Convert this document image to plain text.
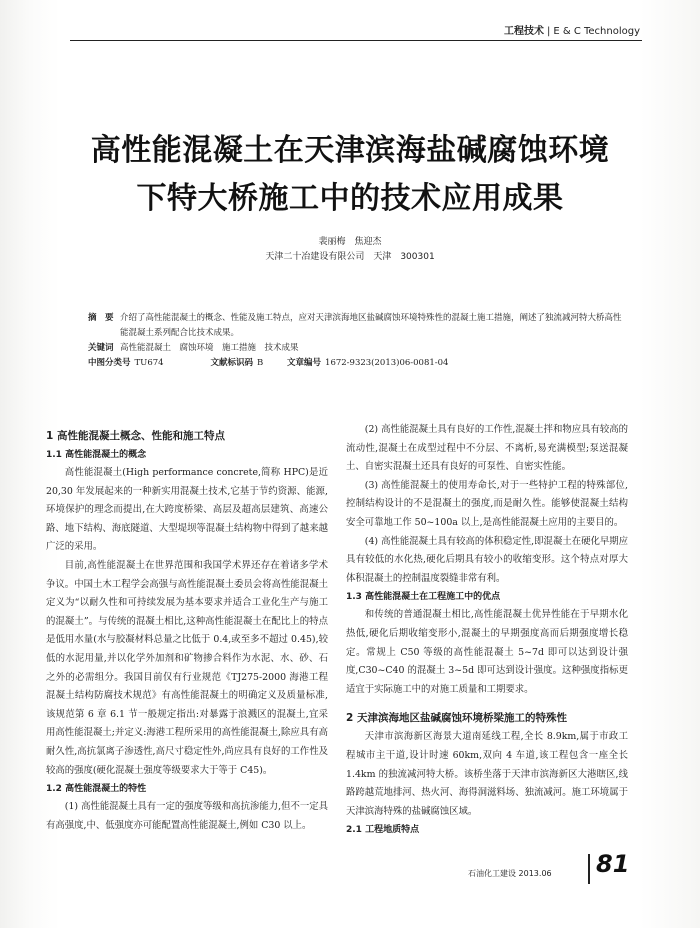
工程技术 | E & C Technology
高性能混凝土在天津滨海盐碱腐蚀环境
下特大桥施工中的技术应用成果
裴丽梅　焦迎杰
天津二十冶建设有限公司　天津　300301
摘　要 介绍了高性能混凝土的概念、性能及施工特点，应对天津滨海地区盐碱腐蚀环境特殊性的混凝土施工措施，阐述了独流减河特大桥高性能混凝土系列配合比技术成果。
关键词 高性能混凝土　腐蚀环境　施工措施　技术成果
中图分类号 TU674	文献标识码 B	文章编号 1672-9323(2013)06-0081-04
1 高性能混凝土概念、性能和施工特点
1.1 高性能混凝土的概念

高性能混凝土(High performance concrete,简称 HPC)是近 20,30 年发展起来的一种新实用混凝土技术,它基于节约资源、能源,环境保护的理念而提出,在大跨度桥梁、高层及超高层建筑、高速公路、地下结构、海底隧道、大型堤坝等混凝土结构物中得到了越来越广泛的采用。

目前,高性能混凝土在世界范围和我国学术界还存在着诸多学术争议。中国土木工程学会高强与高性能混凝土委员会将高性能混凝土定义为“以耐久性和可持续发展为基本要求并适合工业化生产与施工的混凝土”。与传统的混凝土相比,这种高性能混凝土在配比上的特点是低用水量(水与胶凝材料总量之比低于 0.4,或至多不超过 0.45),较低的水泥用量,并以化学外加剂和矿物掺合料作为水泥、水、砂、石之外的必需组分。我国目前仅有行业规范《TJ275-2000 海港工程混凝土结构防腐技术规范》有高性能混凝土的明确定义及质量标准,该规范第 6 章 6.1 节一般规定指出:对暴露于浪溅区的混凝土,宜采用高性能混凝土;并定义:海港工程所采用的高性能混凝土,除应具有高耐久性,高抗氯离子渗透性,高尺寸稳定性外,尚应具有良好的工作性及较高的强度(硬化混凝土强度等级要求大于等于 C45)。

1.2 高性能混凝土的特性

(1) 高性能混凝土具有一定的强度等级和高抗渗能力,但不一定具有高强度,中、低强度亦可能配置高性能混凝土,例如 C30 以上。

(2) 高性能混凝土具有良好的工作性,混凝土拌和物应具有较高的流动性,混凝土在成型过程中不分层、不离析,易充满模型;泵送混凝土、自密实混凝土还具有良好的可泵性、自密实性能。

(3) 高性能混凝土的使用寿命长,对于一些特护工程的特殊部位,控制结构设计的不是混凝土的强度,而是耐久性。能够使混凝土结构安全可靠地工作 50~100a 以上,是高性能混凝土应用的主要目的。

(4) 高性能混凝土具有较高的体积稳定性,即混凝土在硬化早期应具有较低的水化热,硬化后期具有较小的收缩变形。这个特点对厚大体积混凝土的控制温度裂缝非常有利。

1.3 高性能混凝土在工程施工中的优点

和传统的普通混凝土相比,高性能混凝土优异性能在于早期水化热低,硬化后期收缩变形小,混凝土的早期强度高而后期强度增长稳定。常规上 C50 等级的高性能混凝土 5~7d 即可以达到设计强度,C30~C40 的混凝土 3~5d 即可达到设计强度。这种强度指标更适宜于实际施工中的对施工质量和工期要求。

2 天津滨海地区盐碱腐蚀环境桥梁施工的特殊性

天津市滨海新区海景大道南延线工程,全长 8.9km,属于市政工程城市主干道,设计时速 60km,双向 4 车道,该工程包含一座全长 1.4km 的独流减河特大桥。该桥坐落于天津市滨海新区大港瞎区,线路跨越荒地排河、热火河、海得洞滋料场、独流减河。施工环境属于天津滨海特殊的盐碱腐蚀区域。

2.1 工程地质特点
石油化工建设 2013.06 81
